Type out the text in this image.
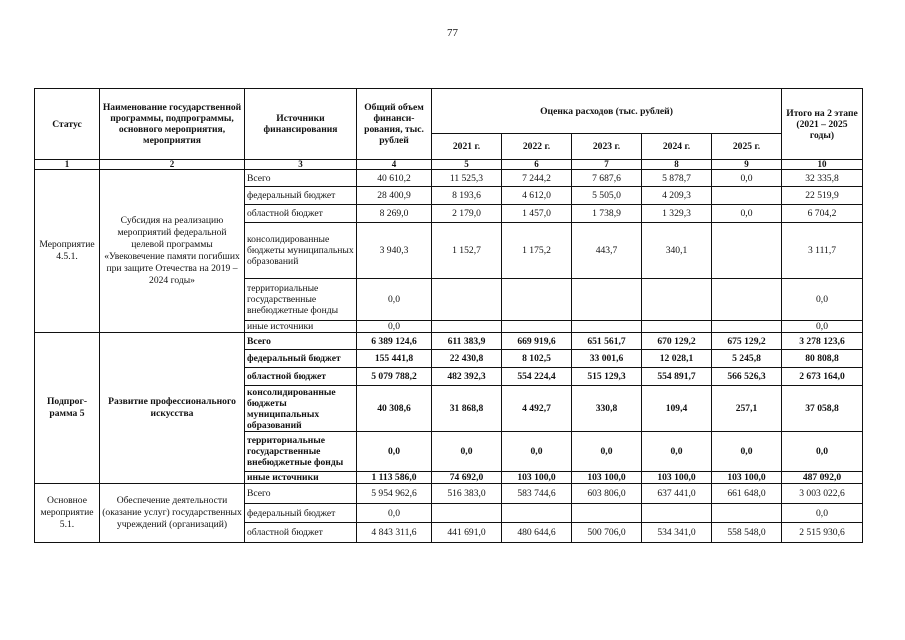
77
Статус	Наименование государственной программы, подпрограммы, основного мероприятия, мероприятия	Источники финансирования	Общий объем финанси-рования, тыс. рублей	Оценка расходов (тыс. рублей)					Итого на 2 этапе (2021 – 2025 годы)
				2021 г.	2022 г.	2023 г.	2024 г.	2025 г.	
1	2	3	4	5	6	7	8	9	10
Мероприятие 4.5.1.	Субсидия на реализацию мероприятий федеральной целевой программы «Увековечение памяти погибших при защите Отечества на 2019 – 2024 годы»	Всего	40 610,2	11 525,3	7 244,2	7 687,6	5 878,7	0,0	32 335,8
		федеральный бюджет	28 400,9	8 193,6	4 612,0	5 505,0	4 209,3		22 519,9
		областной бюджет	8 269,0	2 179,0	1 457,0	1 738,9	1 329,3	0,0	6 704,2
		консолидированные бюджеты муниципальных образований	3 940,3	1 152,7	1 175,2	443,7	340,1		3 111,7
		территориальные государственные внебюджетные фонды	0,0						0,0
		иные источники	0,0						0,0
Подпрог-рамма 5	Развитие профессионального искусства	Всего	6 389 124,6	611 383,9	669 919,6	651 561,7	670 129,2	675 129,2	3 278 123,6
		федеральный бюджет	155 441,8	22 430,8	8 102,5	33 001,6	12 028,1	5 245,8	80 808,8
		областной бюджет	5 079 788,2	482 392,3	554 224,4	515 129,3	554 891,7	566 526,3	2 673 164,0
		консолидированные бюджеты муниципальных образований	40 308,6	31 868,8	4 492,7	330,8	109,4	257,1	37 058,8
		территориальные государственные внебюджетные фонды	0,0	0,0	0,0	0,0	0,0	0,0	0,0
		иные источники	1 113 586,0	74 692,0	103 100,0	103 100,0	103 100,0	103 100,0	487 092,0
Основное мероприятие 5.1.	Обеспечение деятельности (оказание услуг) государственных учреждений (организаций)	Всего	5 954 962,6	516 383,0	583 744,6	603 806,0	637 441,0	661 648,0	3 003 022,6
		федеральный бюджет	0,0						0,0
		областной бюджет	4 843 311,6	441 691,0	480 644,6	500 706,0	534 341,0	558 548,0	2 515 930,6
